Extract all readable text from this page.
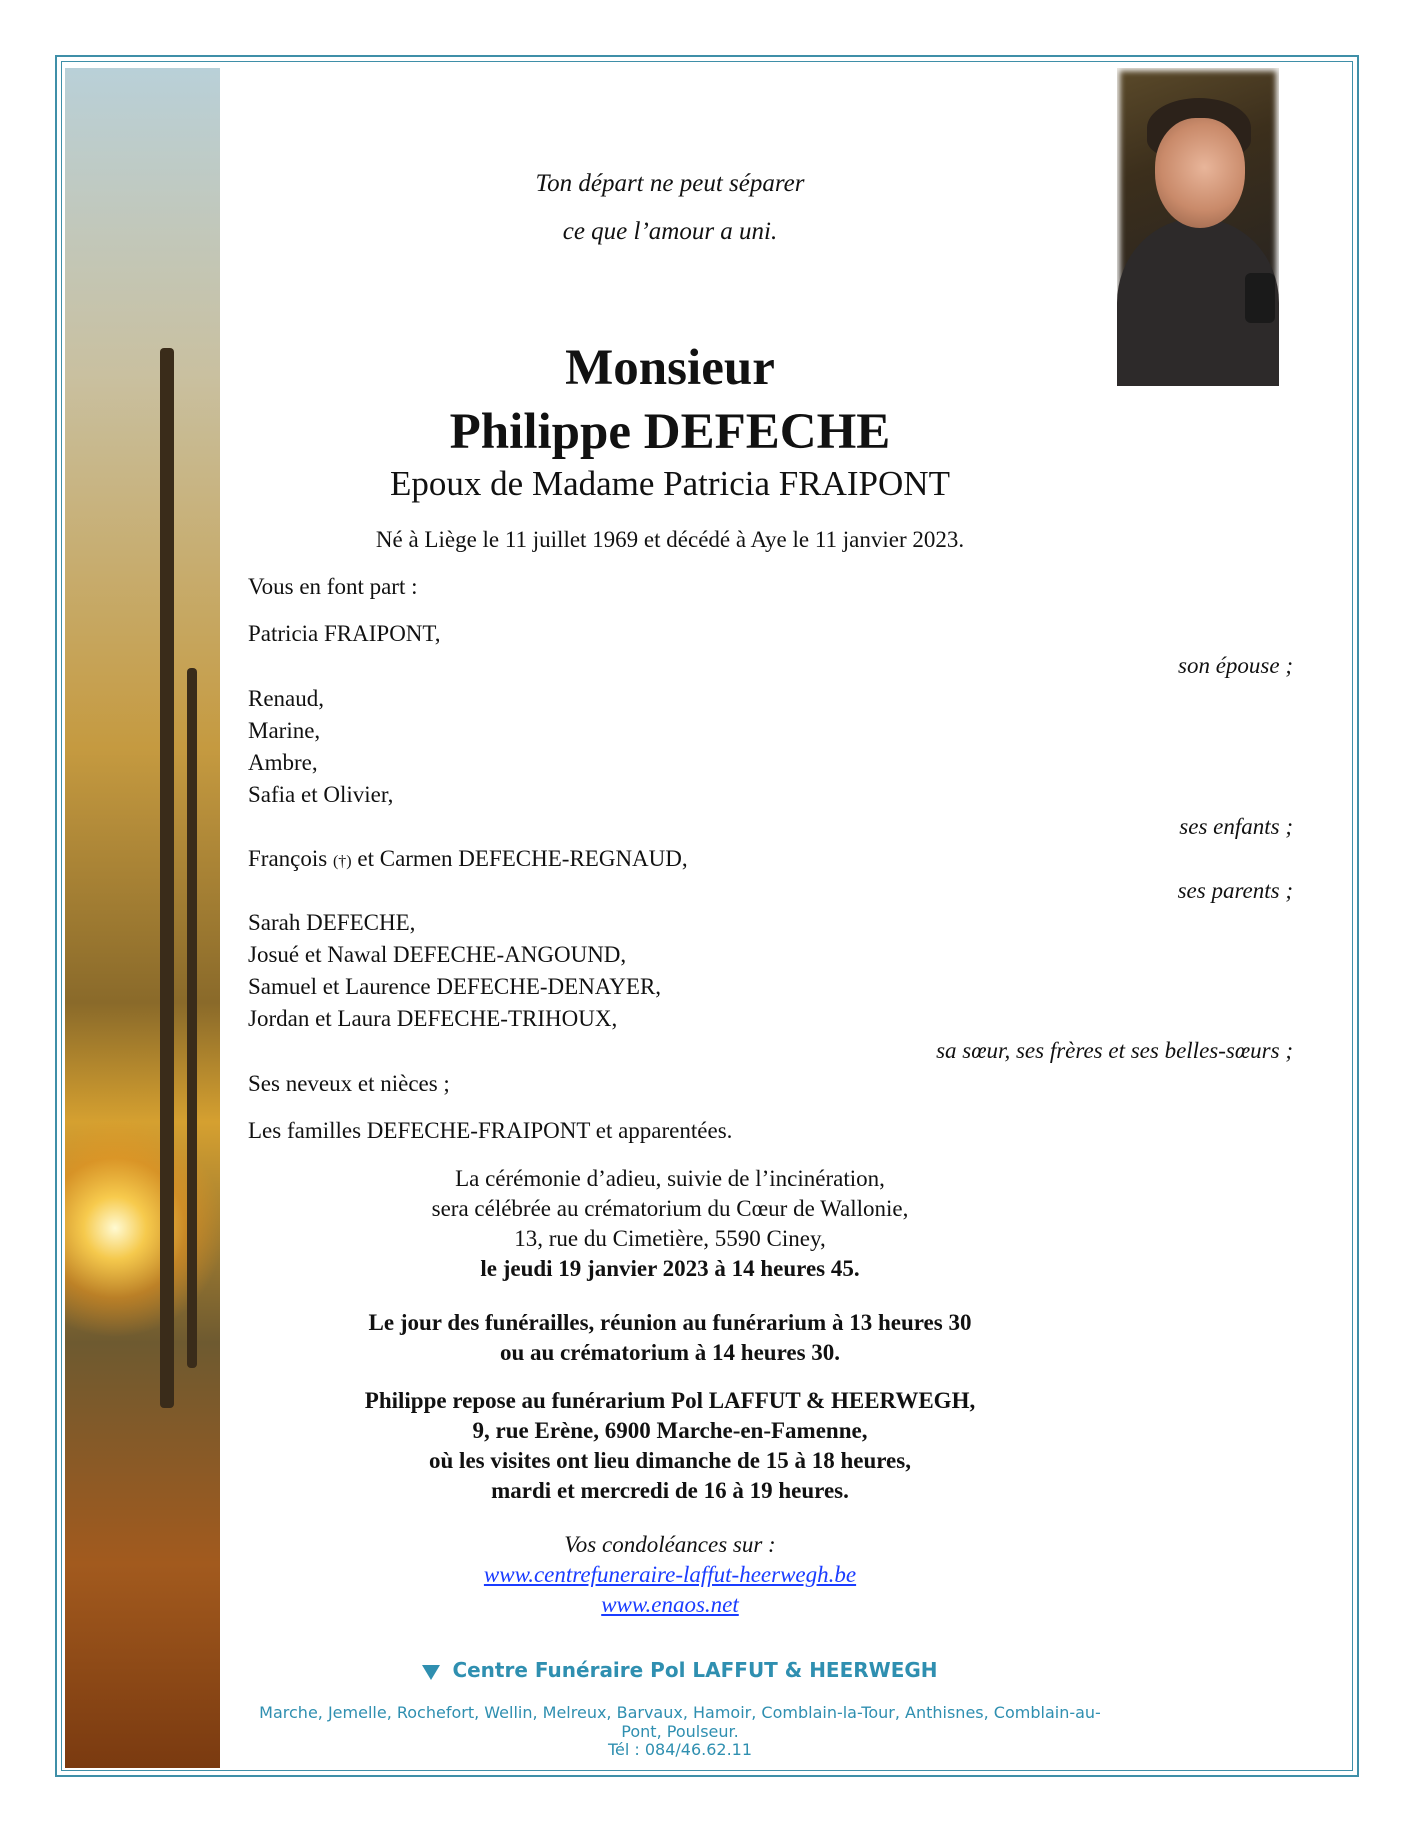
Ton départ ne peut séparer
ce que l’amour a uni.
Monsieur
Philippe DEFECHE
Epoux de Madame Patricia FRAIPONT
Né à Liège le 11 juillet 1969 et décédé à Aye le 11 janvier 2023.
Vous en font part :
Patricia FRAIPONT,
son épouse ;
Renaud,
Marine,
Ambre,
Safia et Olivier,
ses enfants ;
François (†) et Carmen DEFECHE-REGNAUD,
ses parents ;
Sarah DEFECHE,
Josué et Nawal DEFECHE-ANGOUND,
Samuel et Laurence DEFECHE-DENAYER,
Jordan et Laura DEFECHE-TRIHOUX,
sa sœur, ses frères et ses belles-sœurs ;
Ses neveux et nièces ;
Les familles DEFECHE-FRAIPONT et apparentées.
La cérémonie d’adieu, suivie de l’incinération,
sera célébrée au crématorium du Cœur de Wallonie,
13, rue du Cimetière, 5590 Ciney,
le jeudi 19 janvier 2023 à 14 heures 45.
Le jour des funérailles, réunion au funérarium à 13 heures 30
ou au crématorium à 14 heures 30.
Philippe repose au funérarium Pol LAFFUT & HEERWEGH,
9, rue Erène, 6900 Marche-en-Famenne,
où les visites ont lieu dimanche de 15 à 18 heures,
mardi et mercredi de 16 à 19 heures.
Vos condoléances sur :
www.centrefuneraire-laffut-heerwegh.be
www.enaos.net
Centre Funéraire Pol LAFFUT & HEERWEGH
Marche, Jemelle, Rochefort, Wellin, Melreux, Barvaux, Hamoir, Comblain-la-Tour, Anthisnes, Comblain-au-Pont, Poulseur.
Tél : 084/46.62.11
